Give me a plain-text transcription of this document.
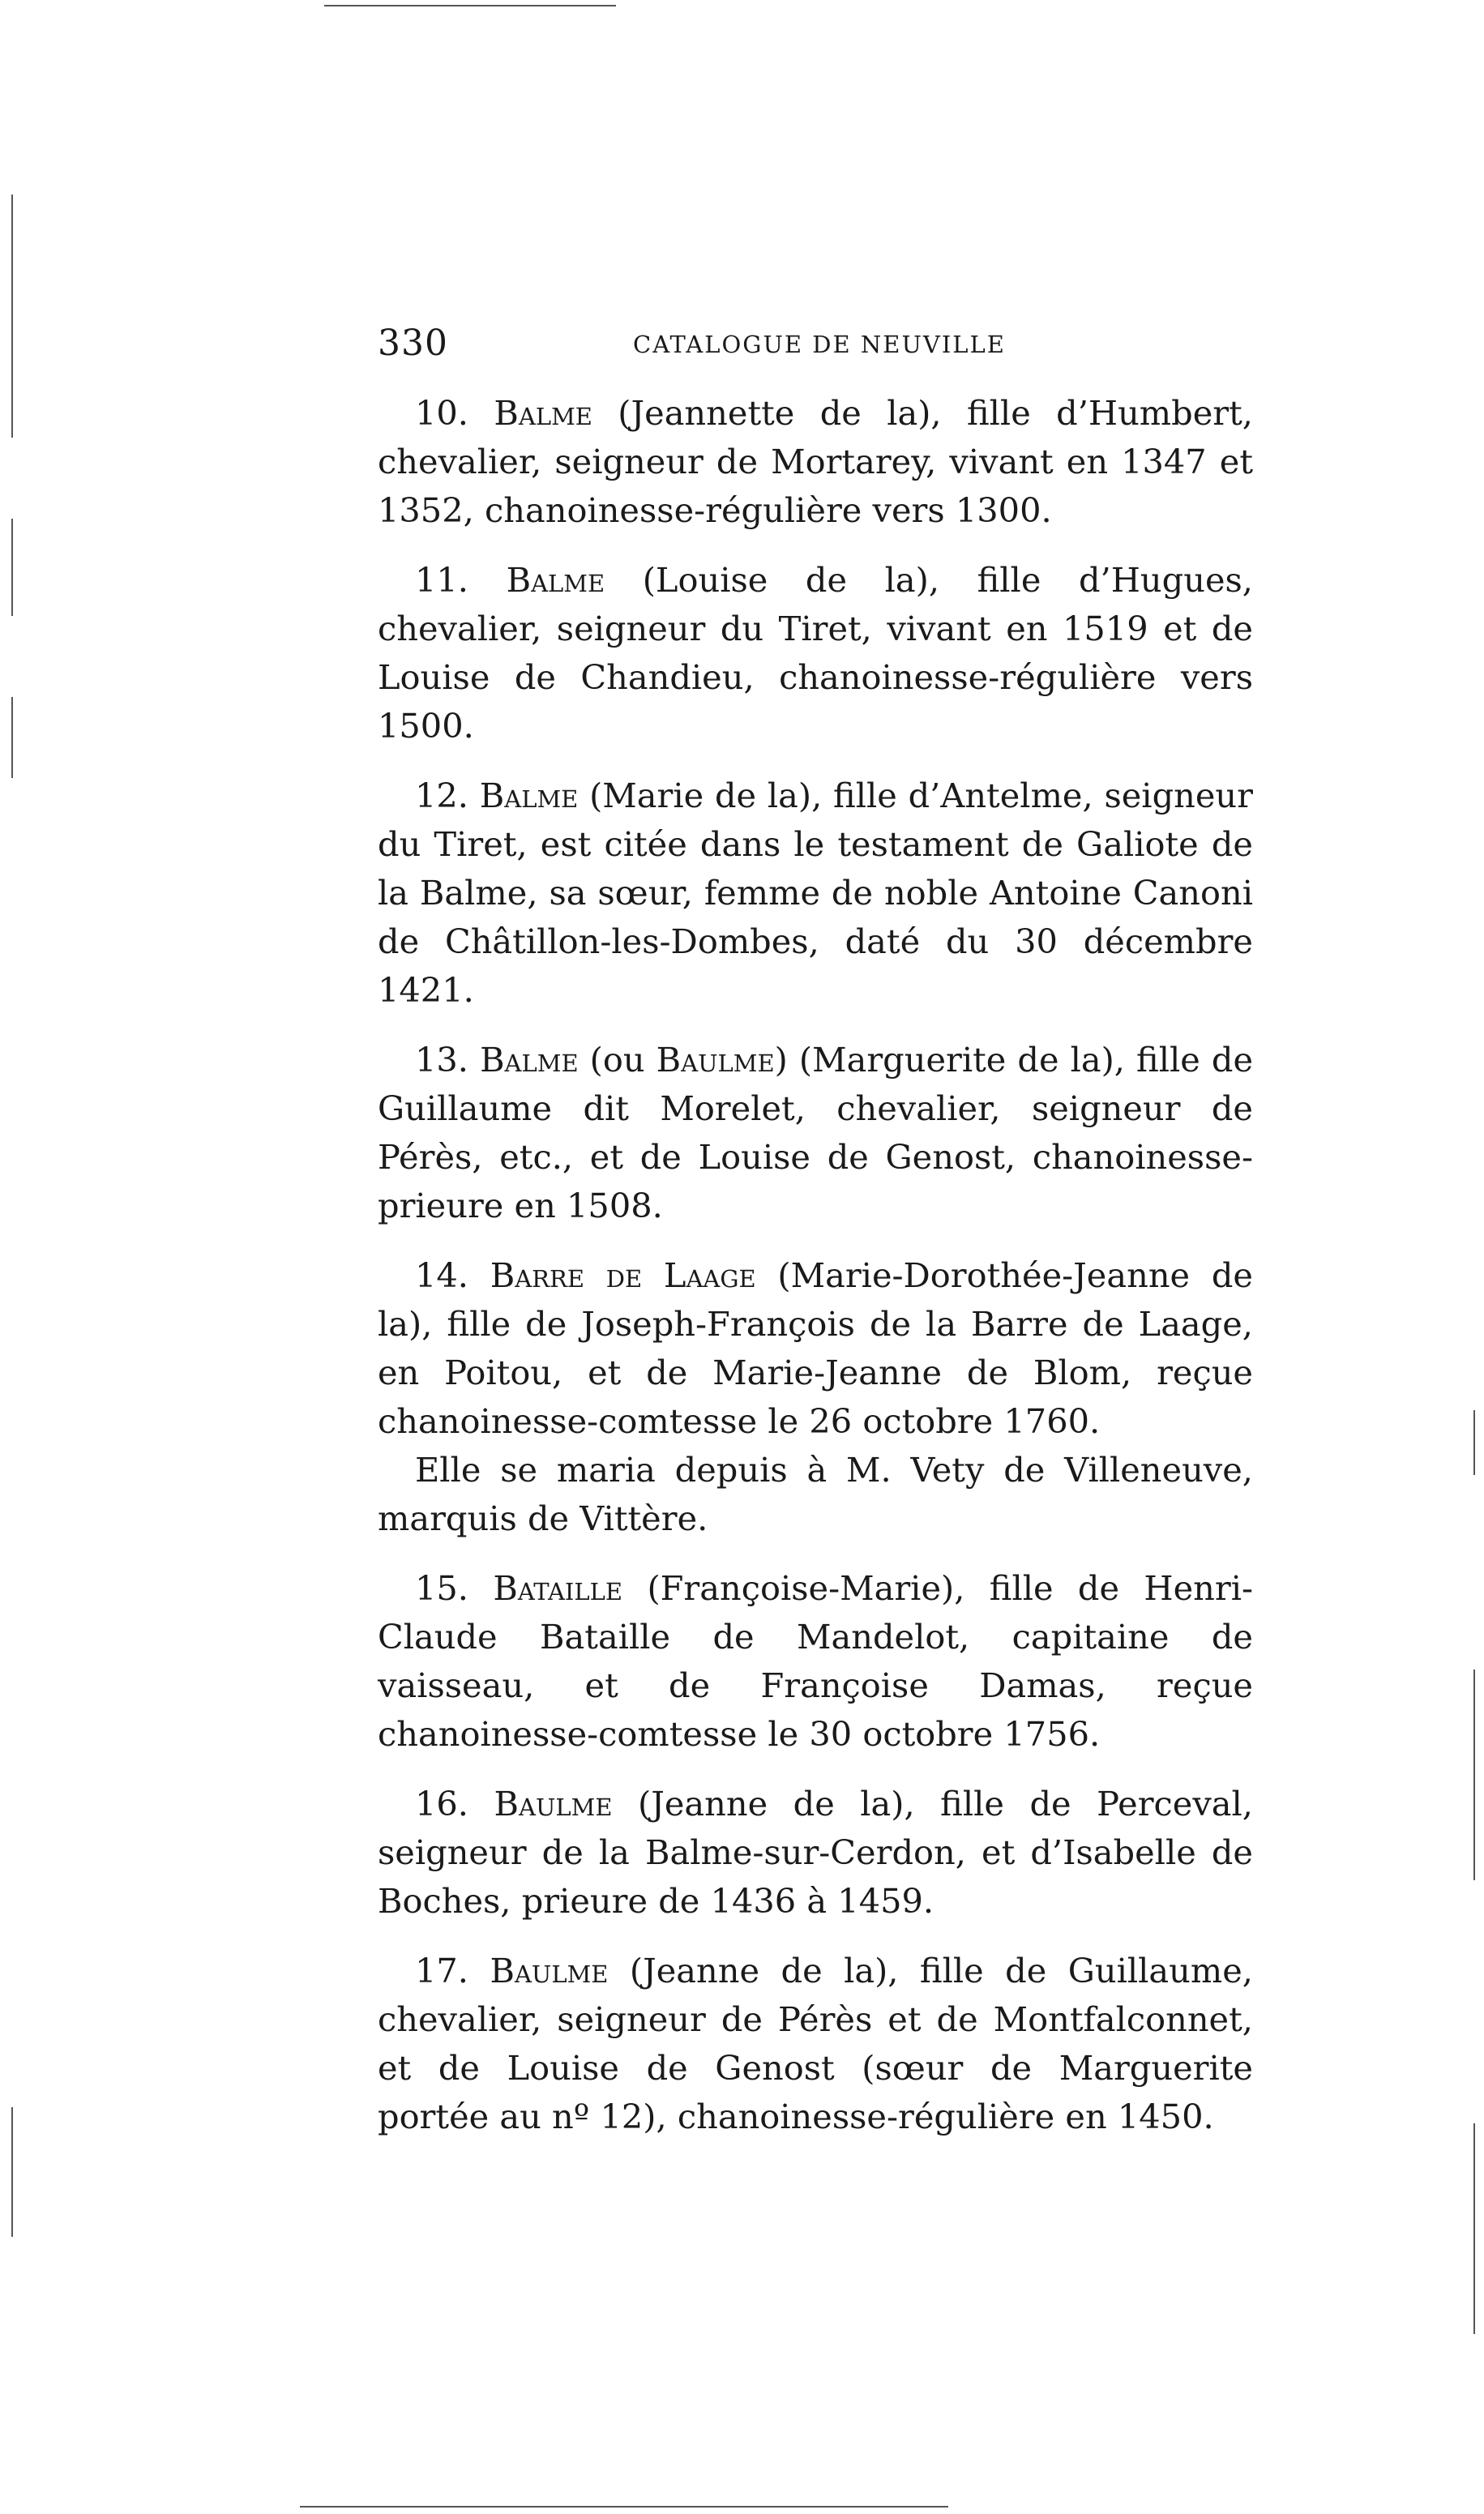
330	CATALOGUE DE NEUVILLE
10. Balme (Jeannette de la), fille d’Humbert, chevalier, seigneur de Mortarey, vivant en 1347 et 1352, chanoinesse-régulière vers 1300.
11. Balme (Louise de la), fille d’Hugues, chevalier, seigneur du Tiret, vivant en 1519 et de Louise de Chandieu, chanoinesse-régulière vers 1500.
12. Balme (Marie de la), fille d’Antelme, seigneur du Tiret, est citée dans le testament de Galiote de la Balme, sa sœur, femme de noble Antoine Canoni de Châtillon-les-Dombes, daté du 30 décembre 1421.
13. Balme (ou Baulme) (Marguerite de la), fille de Guillaume dit Morelet, chevalier, seigneur de Pérès, etc., et de Louise de Genost, chanoinesse-prieure en 1508.

14. Barre de Laage (Marie-Dorothée-Jeanne de la), fille de Joseph-François de la Barre de Laage, en Poitou, et de Marie-Jeanne de Blom, reçue chanoinesse-comtesse le 26 octobre 1760.

Elle se maria depuis à M. Vety de Villeneuve, marquis de Vittère.

15. Bataille (Françoise-Marie), fille de Henri-Claude Bataille de Mandelot, capitaine de vaisseau, et de Françoise Damas, reçue chanoinesse-comtesse le 30 octobre 1756.
16. Baulme (Jeanne de la), fille de Perceval, seigneur de la Balme-sur-Cerdon, et d’Isabelle de Boches, prieure de 1436 à 1459.
17. Baulme (Jeanne de la), fille de Guillaume, chevalier, seigneur de Pérès et de Montfalconnet, et de Louise de Genost (sœur de Marguerite portée au nº 12), chanoinesse-régulière en 1450.
